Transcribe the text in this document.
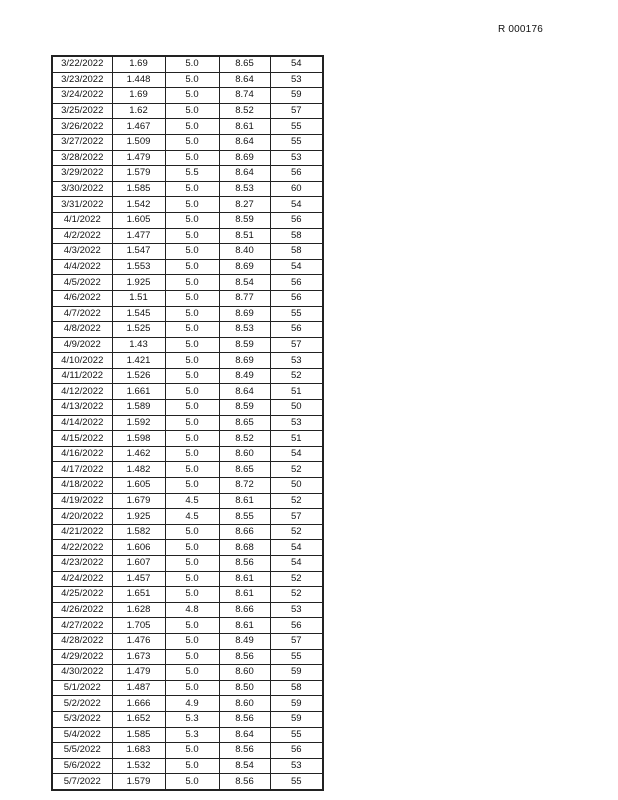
R 000176
3/22/2022	1.69	5.0	8.65	54
3/23/2022	1.448	5.0	8.64	53
3/24/2022	1.69	5.0	8.74	59
3/25/2022	1.62	5.0	8.52	57
3/26/2022	1.467	5.0	8.61	55
3/27/2022	1.509	5.0	8.64	55
3/28/2022	1.479	5.0	8.69	53
3/29/2022	1.579	5.5	8.64	56
3/30/2022	1.585	5.0	8.53	60
3/31/2022	1.542	5.0	8.27	54
4/1/2022	1.605	5.0	8.59	56
4/2/2022	1.477	5.0	8.51	58
4/3/2022	1.547	5.0	8.40	58
4/4/2022	1.553	5.0	8.69	54
4/5/2022	1.925	5.0	8.54	56
4/6/2022	1.51	5.0	8.77	56
4/7/2022	1.545	5.0	8.69	55
4/8/2022	1.525	5.0	8.53	56
4/9/2022	1.43	5.0	8.59	57
4/10/2022	1.421	5.0	8.69	53
4/11/2022	1.526	5.0	8.49	52
4/12/2022	1.661	5.0	8.64	51
4/13/2022	1.589	5.0	8.59	50
4/14/2022	1.592	5.0	8.65	53
4/15/2022	1.598	5.0	8.52	51
4/16/2022	1.462	5.0	8.60	54
4/17/2022	1.482	5.0	8.65	52
4/18/2022	1.605	5.0	8.72	50
4/19/2022	1.679	4.5	8.61	52
4/20/2022	1.925	4.5	8.55	57
4/21/2022	1.582	5.0	8.66	52
4/22/2022	1.606	5.0	8.68	54
4/23/2022	1.607	5.0	8.56	54
4/24/2022	1.457	5.0	8.61	52
4/25/2022	1.651	5.0	8.61	52
4/26/2022	1.628	4.8	8.66	53
4/27/2022	1.705	5.0	8.61	56
4/28/2022	1.476	5.0	8.49	57
4/29/2022	1.673	5.0	8.56	55
4/30/2022	1.479	5.0	8.60	59
5/1/2022	1.487	5.0	8.50	58
5/2/2022	1.666	4.9	8.60	59
5/3/2022	1.652	5.3	8.56	59
5/4/2022	1.585	5.3	8.64	55
5/5/2022	1.683	5.0	8.56	56
5/6/2022	1.532	5.0	8.54	53
5/7/2022	1.579	5.0	8.56	55
